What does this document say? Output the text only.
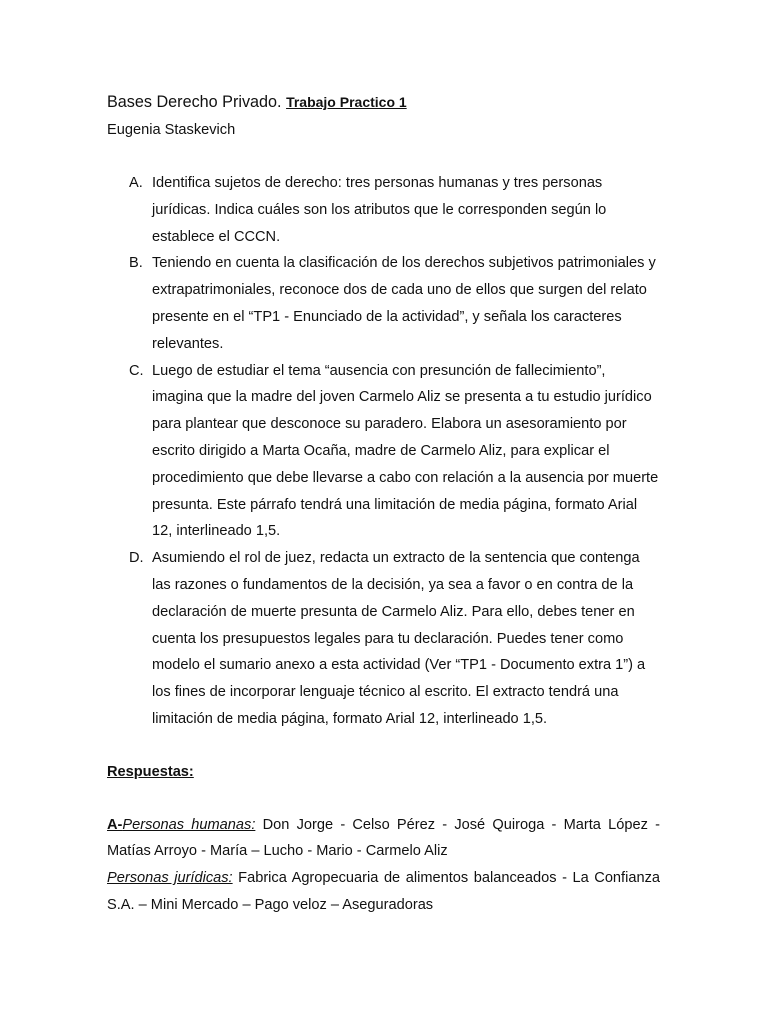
Bases Derecho Privado. Trabajo Practico 1

Eugenia Staskevich

A. Identifica sujetos de derecho: tres personas humanas y tres personas jurídicas. Indica cuáles son los atributos que le corresponden según lo establece el CCCN.
B. Teniendo en cuenta la clasificación de los derechos subjetivos patrimoniales y extrapatrimoniales, reconoce dos de cada uno de ellos que surgen del relato presente en el “TP1 - Enunciado de la actividad”, y señala los caracteres relevantes.
C. Luego de estudiar el tema “ausencia con presunción de fallecimiento”, imagina que la madre del joven Carmelo Aliz se presenta a tu estudio jurídico para plantear que desconoce su paradero. Elabora un asesoramiento por escrito dirigido a Marta Ocaña, madre de Carmelo Aliz, para explicar el procedimiento que debe llevarse a cabo con relación a la ausencia por muerte presunta. Este párrafo tendrá una limitación de media página, formato Arial 12, interlineado 1,5.
D. Asumiendo el rol de juez, redacta un extracto de la sentencia que contenga las razones o fundamentos de la decisión, ya sea a favor o en contra de la declaración de muerte presunta de Carmelo Aliz. Para ello, debes tener en cuenta los presupuestos legales para tu declaración. Puedes tener como modelo el sumario anexo a esta actividad (Ver “TP1 - Documento extra 1”) a los fines de incorporar lenguaje técnico al escrito. El extracto tendrá una limitación de media página, formato Arial 12, interlineado 1,5.

Respuestas:

A-Personas humanas: Don Jorge - Celso Pérez - José Quiroga - Marta López - Matías Arroyo - María – Lucho - Mario - Carmelo Aliz

Personas jurídicas: Fabrica Agropecuaria de alimentos balanceados - La Confianza S.A. – Mini Mercado – Pago veloz – Aseguradoras
